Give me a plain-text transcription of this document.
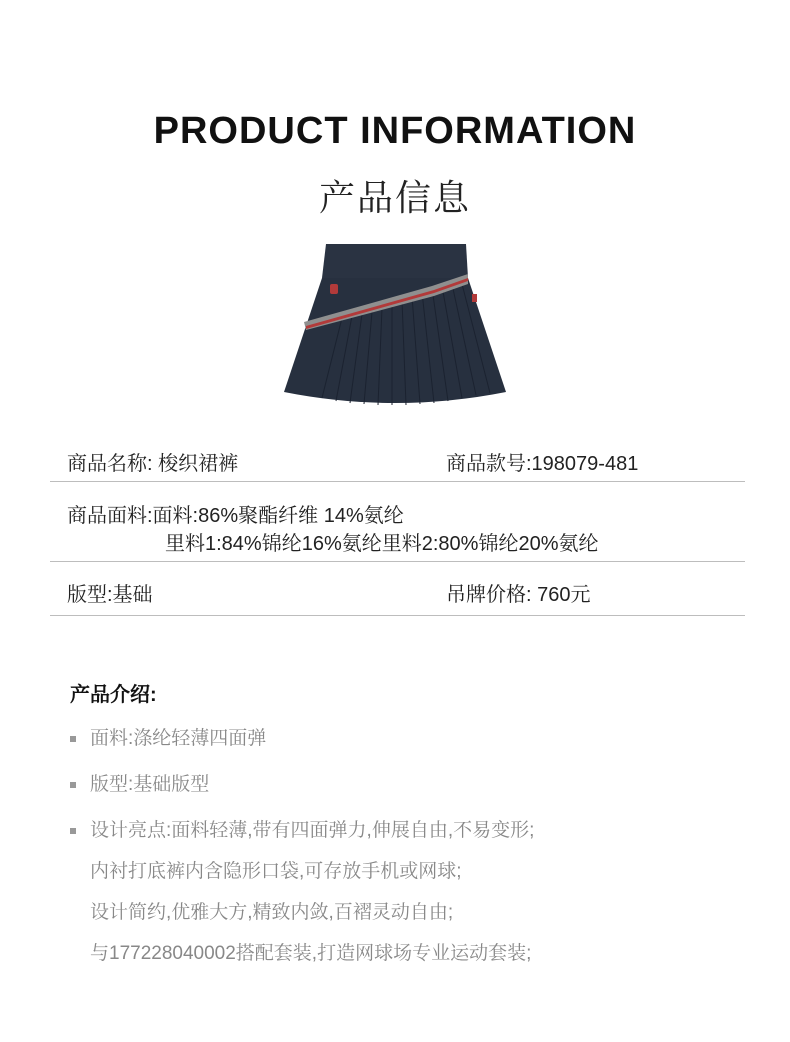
PRODUCT INFORMATION
产品信息
商品名称: 梭织裙裤	商品款号:198079-481
商品面料:面料:86%聚酯纤维 14%氨纶
里料1:84%锦纶16%氨纶里料2:80%锦纶20%氨纶
版型:基础	吊牌价格: 760元
产品介绍:
面料:涤纶轻薄四面弹
版型:基础版型
设计亮点:面料轻薄,带有四面弹力,伸展自由,不易变形;
内衬打底裤内含隐形口袋,可存放手机或网球;
设计简约,优雅大方,精致内敛,百褶灵动自由;
与177228040002搭配套装,打造网球场专业运动套装;
